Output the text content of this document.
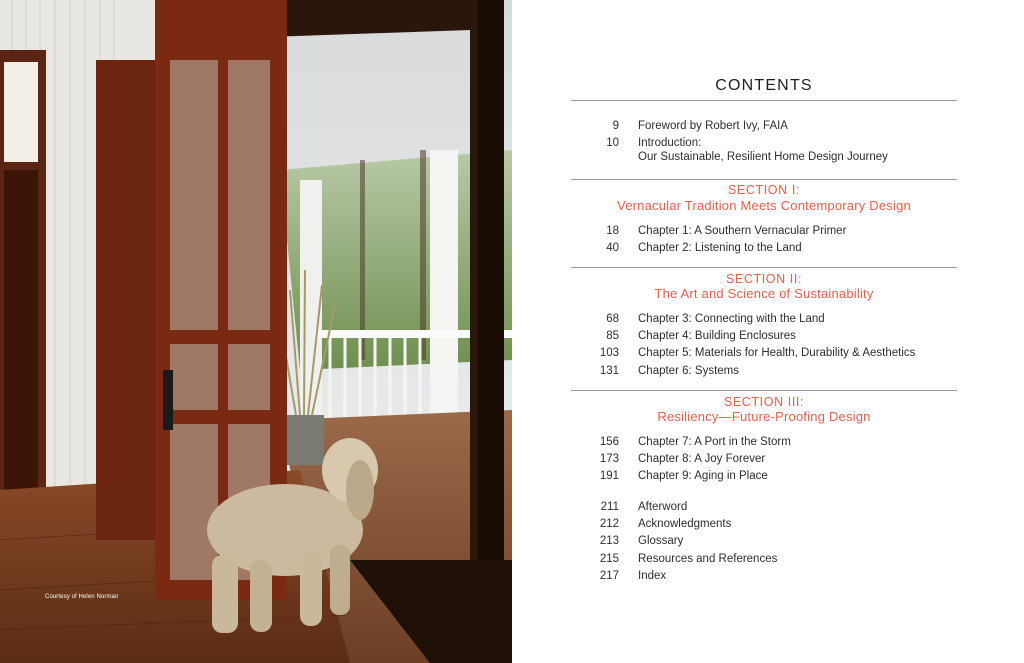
Courtesy of Helen Norman
CONTENTS
9 Foreword by Robert Ivy, FAIA
10 Introduction:
Our Sustainable, Resilient Home Design Journey
SECTION I:
Vernacular Tradition Meets Contemporary Design
18 Chapter 1: A Southern Vernacular Primer
40 Chapter 2: Listening to the Land
SECTION II:
The Art and Science of Sustainability
68 Chapter 3: Connecting with the Land
85 Chapter 4: Building Enclosures
103 Chapter 5: Materials for Health, Durability & Aesthetics
131 Chapter 6: Systems
SECTION III:
Resiliency—Future-Proofing Design
156 Chapter 7: A Port in the Storm
173 Chapter 8: A Joy Forever
191 Chapter 9: Aging in Place
211 Afterword
212 Acknowledgments
213 Glossary
215 Resources and References
217 Index
